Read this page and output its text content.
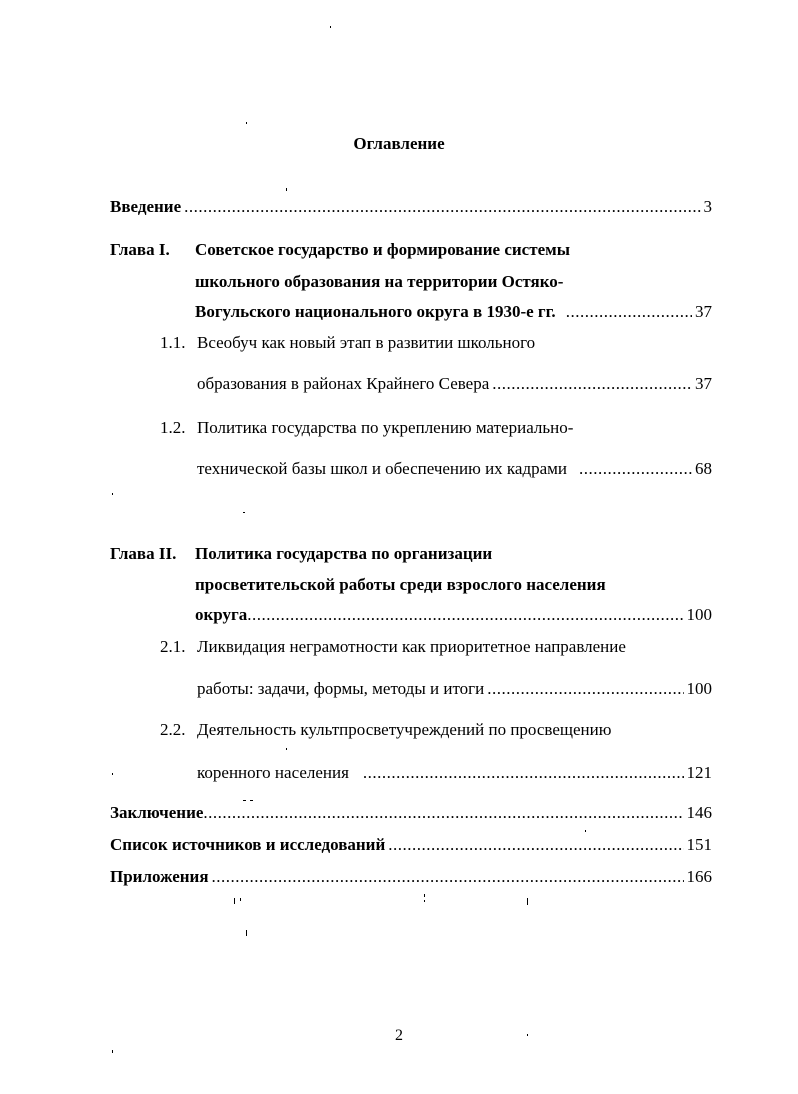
Оглавление
Введение .....	3
Глава I. Советское государство и формирование системы
школьного образования на территории Остяко-
Вогульского национального округа в 1930-е гг. .....	37
1.1. Всеобуч как новый этап в развитии школьного
образования в районах Крайнего Севера .....	37
1.2. Политика государства по укреплению материально-
технической базы школ и обеспечению их кадрами .....	68
Глава II. Политика государства по организации
просветительской работы среди взрослого населения
округа .....	100
2.1. Ликвидация неграмотности как приоритетное направление
работы: задачи, формы, методы и итоги .....	100
2.2. Деятельность культпросветучреждений по просвещению
коренного населения .....	121
Заключение .....	146
Список источников и исследований .....	151
Приложения .....	166
2
